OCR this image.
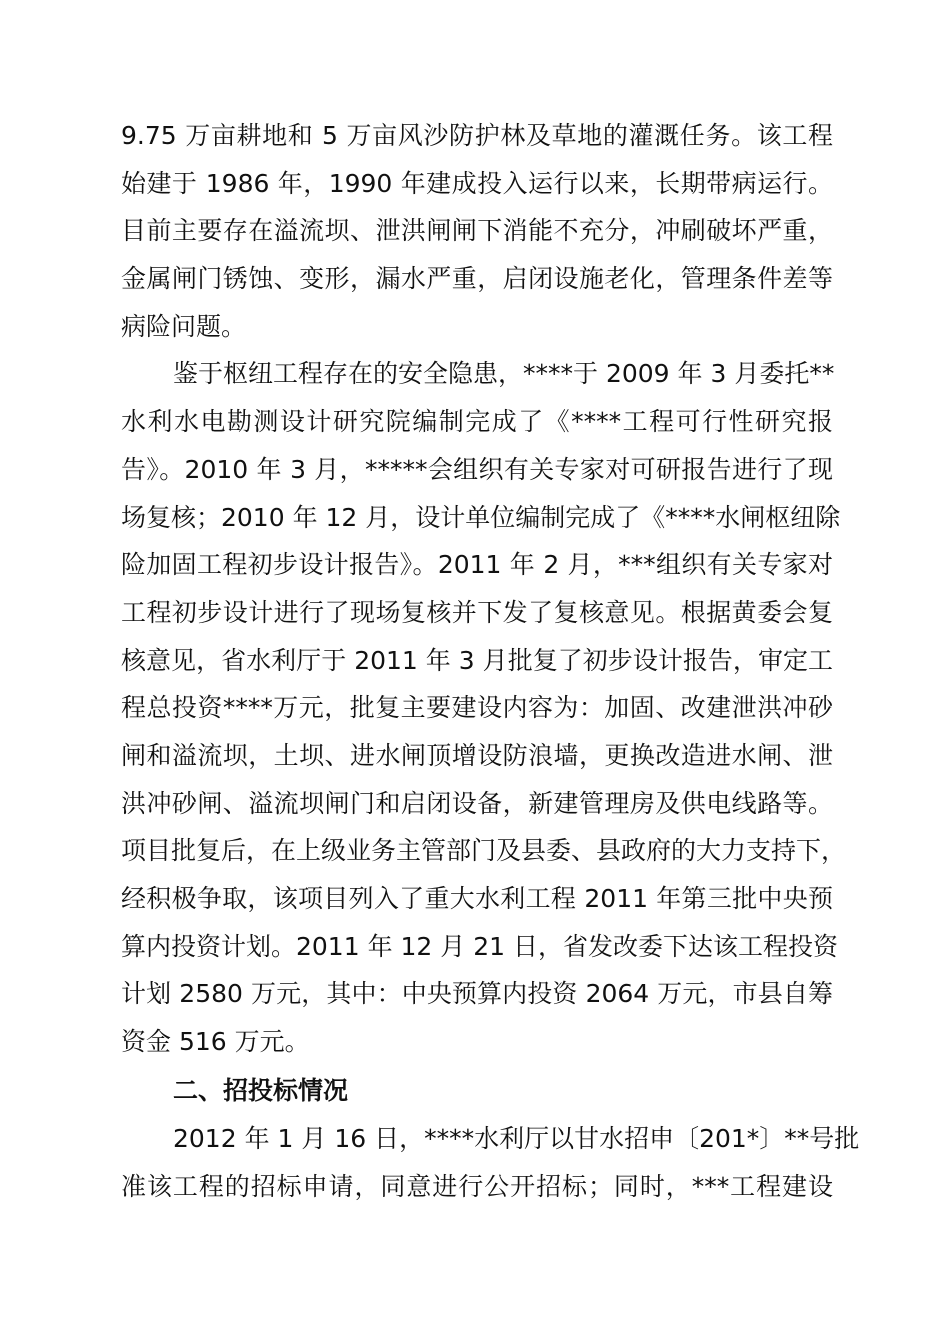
9.75 万亩耕地和 5 万亩风沙防护林及草地的灌溉任务。该工程
始建于 1986 年，1990 年建成投入运行以来，长期带病运行。
目前主要存在溢流坝、泄洪闸闸下消能不充分，冲刷破坏严重，
金属闸门锈蚀、变形，漏水严重，启闭设施老化，管理条件差等
病险问题。
鉴于枢纽工程存在的安全隐患，****于 2009 年 3 月委托**
水利水电勘测设计研究院编制完成了《****工程可行性研究报
告》。2010 年 3 月，*****会组织有关专家对可研报告进行了现
场复核；2010 年 12 月，设计单位编制完成了《****水闸枢纽除
险加固工程初步设计报告》。2011 年 2 月，***组织有关专家对
工程初步设计进行了现场复核并下发了复核意见。根据黄委会复
核意见，省水利厅于 2011 年 3 月批复了初步设计报告，审定工
程总投资****万元，批复主要建设内容为：加固、改建泄洪冲砂
闸和溢流坝，土坝、进水闸顶增设防浪墙，更换改造进水闸、泄
洪冲砂闸、溢流坝闸门和启闭设备，新建管理房及供电线路等。
项目批复后，在上级业务主管部门及县委、县政府的大力支持下，
经积极争取，该项目列入了重大水利工程 2011 年第三批中央预
算内投资计划。2011 年 12 月 21 日，省发改委下达该工程投资
计划 2580 万元，其中：中央预算内投资 2064 万元，市县自筹
资金 516 万元。
二、招投标情况
2012 年 1 月 16 日，****水利厅以甘水招申〔201*〕**号批
准该工程的招标申请，同意进行公开招标；同时，***工程建设
